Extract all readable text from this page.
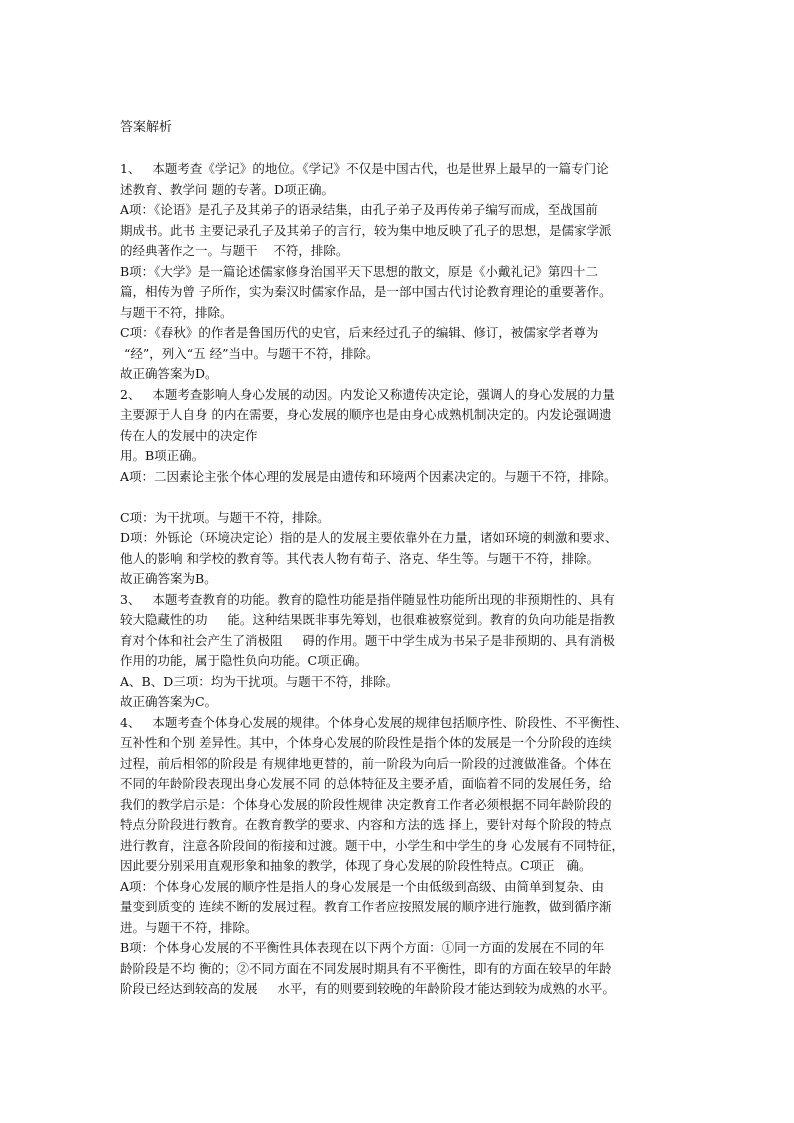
答案解析
1、   本题考查《学记》的地位。《学记》不仅是中国古代，也是世界上最早的一篇专门论
述教育、教学问 题的专著。D项正确。
A项：《论语》是孔子及其弟子的语录结集，由孔子弟子及再传弟子编写而成，至战国前
期成书。此书 主要记录孔子及其弟子的言行，较为集中地反映了孔子的思想，是儒家学派
的经典著作之一。与题干    不符，排除。
B项：《大学》是一篇论述儒家修身治国平天下思想的散文，原是《小戴礼记》第四十二
篇，相传为曾 子所作，实为秦汉时儒家作品，是一部中国古代讨论教育理论的重要著作。
与题干不符，排除。
C项：《春秋》的作者是鲁国历代的史官，后来经过孔子的编辑、修订，被儒家学者尊为
“经”，列入“五 经”当中。与题干不符，排除。
故正确答案为D。
2、   本题考查影响人身心发展的动因。内发论又称遗传决定论，强调人的身心发展的力量
主要源于人自身 的内在需要，身心发展的顺序也是由身心成熟机制决定的。内发论强调遗
传在人的发展中的决定作
用。B项正确。
A项：二因素论主张个体心理的发展是由遗传和环境两个因素决定的。与题干不符，排除。
C项：为干扰项。与题干不符，排除。
D项：外铄论（环境决定论）指的是人的发展主要依靠外在力量，诸如环境的刺激和要求、
他人的影响 和学校的教育等。其代表人物有荀子、洛克、华生等。与题干不符，排除。
故正确答案为B。
3、   本题考查教育的功能。教育的隐性功能是指伴随显性功能所出现的非预期性的、具有
较大隐藏性的功     能。这种结果既非事先筹划，也很难被察觉到。教育的负向功能是指教
育对个体和社会产生了消极阻     碍的作用。题干中学生成为书呆子是非预期的、具有消极
作用的功能，属于隐性负向功能。C项正确。
A、B、D三项：均为干扰项。与题干不符，排除。
故正确答案为C。
4、   本题考查个体身心发展的规律。个体身心发展的规律包括顺序性、阶段性、不平衡性、
互补性和个别 差异性。其中，个体身心发展的阶段性是指个体的发展是一个分阶段的连续
过程，前后相邻的阶段是 有规律地更替的，前一阶段为向后一阶段的过渡做准备。个体在
不同的年龄阶段表现出身心发展不同 的总体特征及主要矛盾，面临着不同的发展任务，给
我们的教学启示是：个体身心发展的阶段性规律 决定教育工作者必须根据不同年龄阶段的
特点分阶段进行教育。在教育教学的要求、内容和方法的选 择上，要针对每个阶段的特点
进行教育，注意各阶段间的衔接和过渡。题干中，小学生和中学生的身 心发展有不同特征，
因此要分别采用直观形象和抽象的教学，体现了身心发展的阶段性特点。C项正   确。
A项：个体身心发展的顺序性是指人的身心发展是一个由低级到高级、由简单到复杂、由
量变到质变的 连续不断的发展过程。教育工作者应按照发展的顺序进行施教，做到循序渐
进。与题干不符，排除。
B项：个体身心发展的不平衡性具体表现在以下两个方面：①同一方面的发展在不同的年
龄阶段是不均 衡的；②不同方面在不同发展时期具有不平衡性，即有的方面在较早的年龄
阶段已经达到较高的发展     水平，有的则要到较晚的年龄阶段才能达到较为成熟的水平。
